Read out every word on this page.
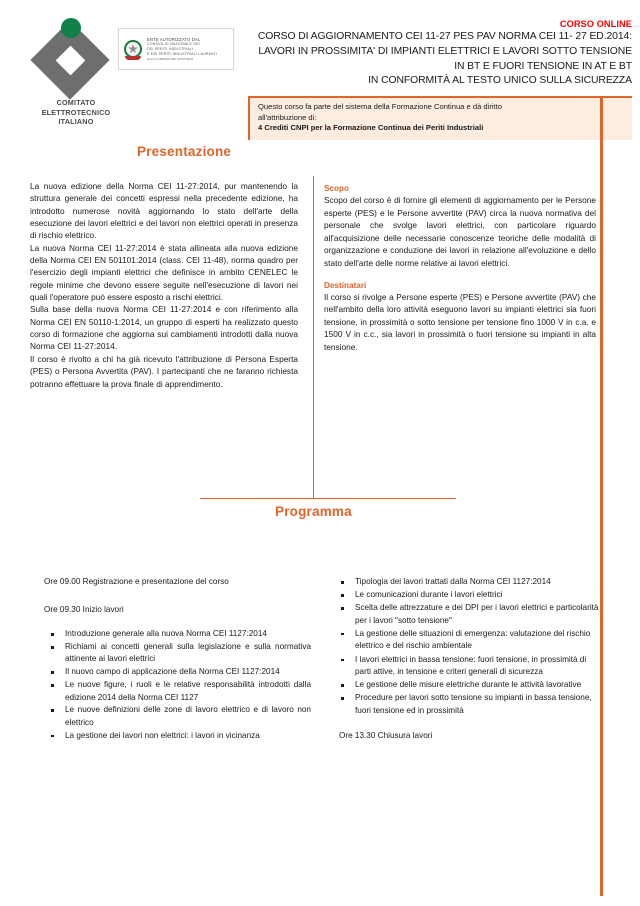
COMITATO
ELETTROTECNICO
ITALIANO
ENTE AUTORIZZATO DAL
CONSIGLIO NAZIONALE DEI
DEI PERITI INDUSTRIALI
E DEI PERITI INDUSTRIALI LAUREATI
ALLA FORMAZIONE CONTINUA
CORSO ONLINE
CORSO DI AGGIORNAMENTO CEI 11-27 PES PAV NORMA CEI 11- 27 ED.2014:
LAVORI IN PROSSIMITA' DI IMPIANTI ELETTRICI E LAVORI SOTTO TENSIONE
IN BT E FUORI TENSIONE IN AT E BT
IN CONFORMITÀ AL TESTO UNICO SULLA SICUREZZA
Questo corso fa parte del sistema della Formazione Continua e dà diritto
all'attribuzione di:
4 Crediti CNPI per la Formazione Continua dei Periti Industriali
Presentazione
Programma

La nuova edizione della Norma CEI 11-27:2014, pur mantenendo la struttura generale dei concetti espressi nella precedente edizione, ha introdotto numerose novità aggiornando lo stato dell'arte della esecuzione dei lavori elettrici e dei lavori non elettrici operati in presenza di rischio elettrico.

La nuova Norma CEI 11-27:2014 è stata allineata alla nuova edizione della Norma CEI EN 501101:2014 (class. CEI 11-48), norma quadro per l'esercizio degli impianti elettrici che definisce in ambito CENELEC le regole minime che devono essere seguite nell'esecuzione di lavori nei quali l'operatore può essere esposto a rischi elettrici.

Sulla base della nuova Norma CEI 11-27:2014 e con riferimento alla Norma CEI EN 50110-1:2014, un gruppo di esperti ha realizzato questo corso di formazione che aggiorna sui cambiamenti introdotti dalla nuova Norma CEI 11-27:2014.

Il corso è rivolto a chi ha già ricevuto l'attribuzione di Persona Esperta (PES) o Persona Avvertita (PAV). I partecipanti che ne faranno richiesta potranno effettuare la prova finale di apprendimento.

Scopo

Scopo del corso è di fornire gli elementi di aggiornamento per le Persone esperte (PES) e le Persone avvertite (PAV) circa la nuova normativa del personale che svolge lavori elettrici, con particolare riguardo all'acquisizione delle necessarie conoscenze teoriche delle modalità di organizzazione e conduzione dei lavori in relazione all'evoluzione e dello stato dell'arte delle norme relative ai lavori elettrici.

Destinatari

Il corso si rivolge a Persone esperte (PES) e Persone avvertite (PAV) che nell'ambito della loro attività eseguono lavori su impianti elettrici sia fuori tensione, in prossimità o sotto tensione per tensione fino 1000 V in c.a. e 1500 V in c.c., sia lavori in prossimità o fuori tensione su impianti in alta tensione.

Ore 09.00 Registrazione e presentazione del corso
Ore 09.30 Inizio lavori
Introduzione generale alla nuova Norma CEI 1127:2014
Richiami ai concetti generali sulla legislazione e sulla normativa attinente ai lavori elettrici
Il nuovo campo di applicazione della Norma CEI 1127:2014
Le nuove figure, i ruoli e le relative responsabilità introdotti dalla edizione 2014 della Norma CEI 1127
Le nuove definizioni delle zone di lavoro elettrico e di lavoro non elettrico
La gestione dei lavori non elettrici: i lavori in vicinanza
Tipologia dei lavori trattati dalla Norma CEI 1127:2014
Le comunicazioni durante i lavori elettrici
Scelta delle attrezzature e dei DPI per i lavori elettrici e particolarità per i lavori "sotto tensione"
La gestione delle situazioni di emergenza: valutazione del rischio elettrico e del rischio ambientale
I lavori elettrici in bassa tensione: fuori tensione, in prossimità di parti attive, in tensione e criteri generali di sicurezza
Le gestione delle misure elettriche durante le attività lavorative
Procedure per lavori sotto tensione su impianti in bassa tensione, fuori tensione ed in prossimità
Ore 13.30 Chiusura lavori
